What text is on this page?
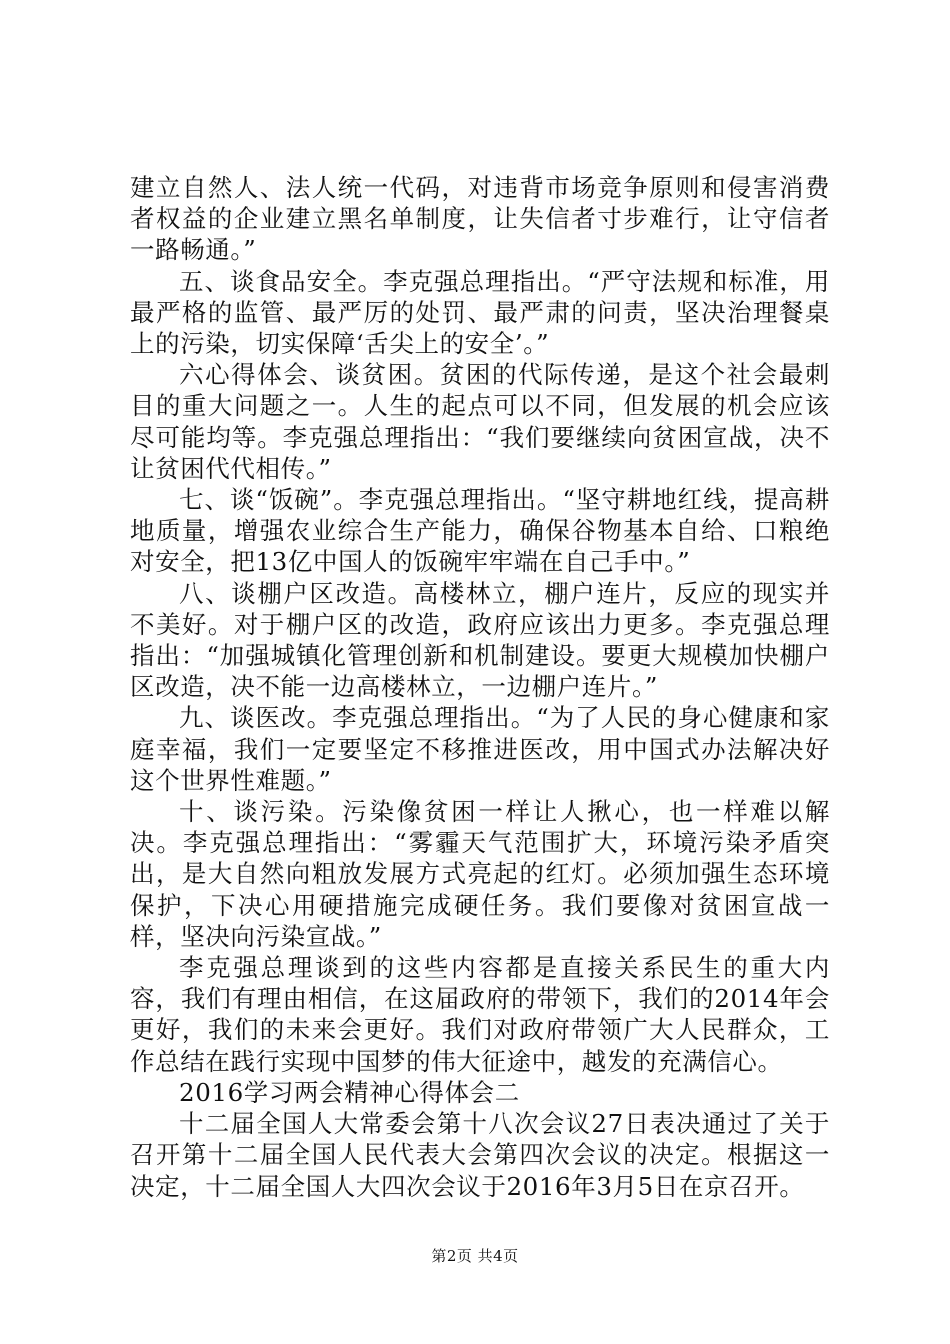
建立自然人、法人统一代码，对违背市场竞争原则和侵害消费者权益的企业建立黑名单制度，让失信者寸步难行，让守信者一路畅通。”

五、谈食品安全。李克强总理指出。“严守法规和标准，用最严格的监管、最严厉的处罚、最严肃的问责，坚决治理餐桌上的污染，切实保障‘舌尖上的安全’。”

六心得体会、谈贫困。贫困的代际传递，是这个社会最刺目的重大问题之一。人生的起点可以不同，但发展的机会应该尽可能均等。李克强总理指出：“我们要继续向贫困宣战，决不让贫困代代相传。”

七、谈“饭碗”。李克强总理指出。“坚守耕地红线，提高耕地质量，增强农业综合生产能力，确保谷物基本自给、口粮绝对安全，把13亿中国人的饭碗牢牢端在自己手中。”

八、谈棚户区改造。高楼林立，棚户连片，反应的现实并不美好。对于棚户区的改造，政府应该出力更多。李克强总理指出：“加强城镇化管理创新和机制建设。要更大规模加快棚户区改造，决不能一边高楼林立，一边棚户连片。”

九、谈医改。李克强总理指出。“为了人民的身心健康和家庭幸福，我们一定要坚定不移推进医改，用中国式办法解决好这个世界性难题。”

十、谈污染。污染像贫困一样让人揪心，也一样难以解决。李克强总理指出：“雾霾天气范围扩大，环境污染矛盾突出，是大自然向粗放发展方式亮起的红灯。必须加强生态环境保护，下决心用硬措施完成硬任务。我们要像对贫困宣战一样，坚决向污染宣战。”

李克强总理谈到的这些内容都是直接关系民生的重大内容，我们有理由相信，在这届政府的带领下，我们的2014年会更好，我们的未来会更好。我们对政府带领广大人民群众，工作总结在践行实现中国梦的伟大征途中，越发的充满信心。

2016学习两会精神心得体会二

十二届全国人大常委会第十八次会议27日表决通过了关于召开第十二届全国人民代表大会第四次会议的决定。根据这一决定，十二届全国人大四次会议于2016年3月5日在京召开。

第2页 共4页
